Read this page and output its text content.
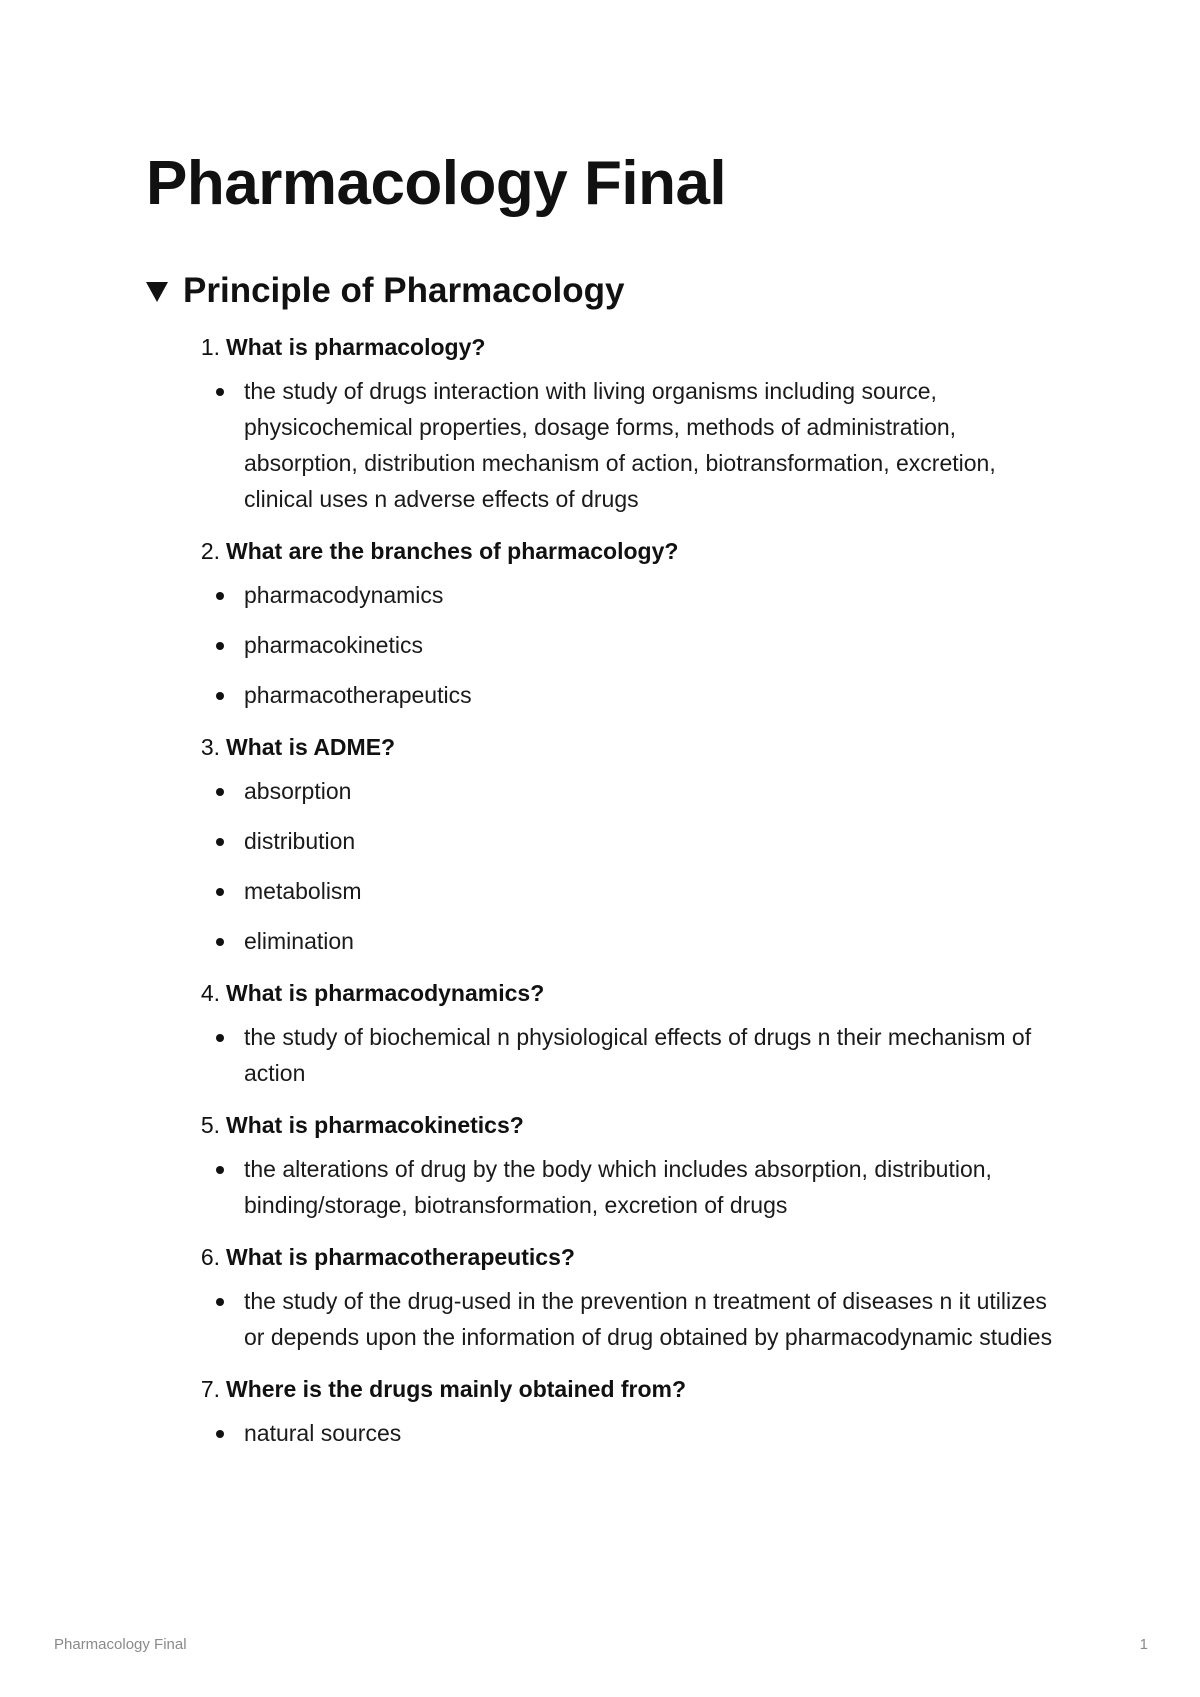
Pharmacology Final
Principle of Pharmacology
1. What is pharmacology?
the study of drugs interaction with living organisms including source, physicochemical properties, dosage forms, methods of administration, absorption, distribution mechanism of action, biotransformation, excretion, clinical uses n adverse effects of drugs
2. What are the branches of pharmacology?
pharmacodynamics
pharmacokinetics
pharmacotherapeutics
3. What is ADME?
absorption
distribution
metabolism
elimination
4. What is pharmacodynamics?
the study of biochemical n physiological effects of drugs n their mechanism of action
5. What is pharmacokinetics?
the alterations of drug by the body which includes absorption, distribution, binding/storage, biotransformation, excretion of drugs
6. What is pharmacotherapeutics?
the study of the drug-used in the prevention n treatment of diseases n it utilizes or depends upon the information of drug obtained by pharmacodynamic studies
7. Where is the drugs mainly obtained from?
natural sources
Pharmacology Final	1
